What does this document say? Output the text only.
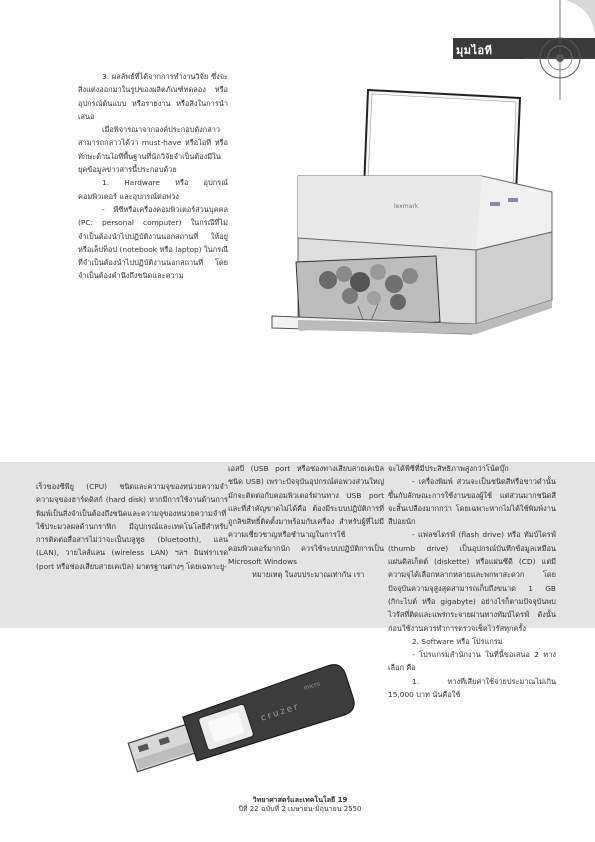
มุมไอที

3. ผลลัพธ์ที่ได้จากการทำงานวิจัย ซึ่งจะสิ่งแต่งออกมาในรูปของผลิตภัณฑ์ทดลอง หรืออุปกรณ์ต้นแบบ หรือรายงาน หรือสิ่งในการนำเสนอ

เมื่อพิจารณาจากองค์ประกอบดังกล่าว สามารถกล่าวได้ว่า must-have หรือไอที หรือทักษะด้านไอทีพื้นฐานที่นักวิจัยจำเป็นต้องมีในยุคข้อมูลข่าวสารนี้ประกอบด้วย

1. Hardware หรือ อุปกรณ์คอมพิวเตอร์ และอุปกรณ์ต่อพ่วง

- พีซีหรือเครื่องคอมพิวเตอร์ส่วนบุคคล (PC: personal computer) ในกรณีที่ไม่จำเป็นต้องนำไปปฏิบัติงานนอกสถานที่ ให้อยู่หรือเล็ปท็อป (notebook หรือ laptop) ในกรณีที่จำเป็นต้องนำไปปฏิบัติงานนอกสถานที่ โดยจำเป็นต้องคำนึงถึงชนิดและความ

เร็วของซีพียู (CPU) ชนิดและความจุของหน่วยความจำ ความจุของฮาร์ดดิสก์ (hard disk) หากมีการใช้งานด้านการพิมพ์เป็นสิ่งจำเป็นต้องถึงชนิดและความจุของหน่วยความจำที่ใช้ประมวลผลด้านกราฟิก มีอุปกรณ์และเทคโนโลยีสำหรับการติดต่อสื่อสารไม่ว่าจะเป็นบลูทูธ (bluetooth), แลน (LAN), วายไลส์แลน (wireless LAN) ฯลฯ อินฟราเรด (port หรือช่องเสียบสายเคเบิล) มาตรฐานต่างๆ โดยเฉพาะยู-

เอสบี (USB port หรือช่องทางเสียบสายเคเบิลชนิด USB) เพราะปัจจุบันอุปกรณ์ต่อพ่วงส่วนใหญ่มักจะติดต่อกับคอมพิวเตอร์ผ่านทาง USB port และที่สำคัญขาดไม่ได้คือ ต้องมีระบบปฏิบัติการที่ถูกลิขสิทธิ์ติดตั้งมาพร้อมกับเครื่อง สำหรับผู้ที่ไม่มีความเชี่ยวชาญหรือชำนาญในการใช้คอมพิวเตอร์มากนัก ควรใช้ระบบปฏิบัติการเป็น Microsoft Windows

หมายเหตุ ในงบประมาณเท่ากัน เรา

จะได้พีซีที่มีประสิทธิภาพสูงกว่าโน้ตบุ๊ก

- เครื่องพิมพ์ ส่วนจะเป็นชนิดสีหรือขาวดำนั้นขึ้นกับลักษณะการใช้งานของผู้ใช้ แต่ส่วนมากชนิดสีจะสิ้นเปลืองมากกว่า โดยเฉพาะหากไม่ได้ใช้พิมพ์งานสีบ่อยนัก

- แฟลชไดรฟ์ (flash drive) หรือ ทัมบ์ไดรฟ์ (thumb drive) เป็นอุปกรณ์บันทึกข้อมูลเหมือนแผ่นดิสเก็ตต์ (diskette) หรือแผ่นซีดี (CD) แต่มีความจุได้เลือกหลากหลายและพกพาสะดวก โดยปัจจุบันความจุสูงสุดสามารถเก็บถึงขนาด 1 GB (กิกะไบต์ หรือ gigabyte) อย่างไรก็ตามปัจจุบันพบไวรัสที่ติดและแพร่กระจายผ่านทางทัมบ์ไดรฟ์ ดังนั้น ก่อนใช้งานควรทำการตรวจเช็คไวรัสทุกครั้ง

2. Software หรือ โปรแกรม

- โปรแกรมสำนักงาน ในที่นี้ขอเสนอ 2 ทางเลือก คือ

1. ทางที่เสียค่าใช้จ่ายประมาณไม่เกิน 15,000 บาท นั่นคือใช้

lexmark
cruzer
micro
วิทยาศาสตร์และเทคโนโลยี 19
ปีที่ 22 ฉบับที่ 2 เมษายน-มิถุนายน 2550
